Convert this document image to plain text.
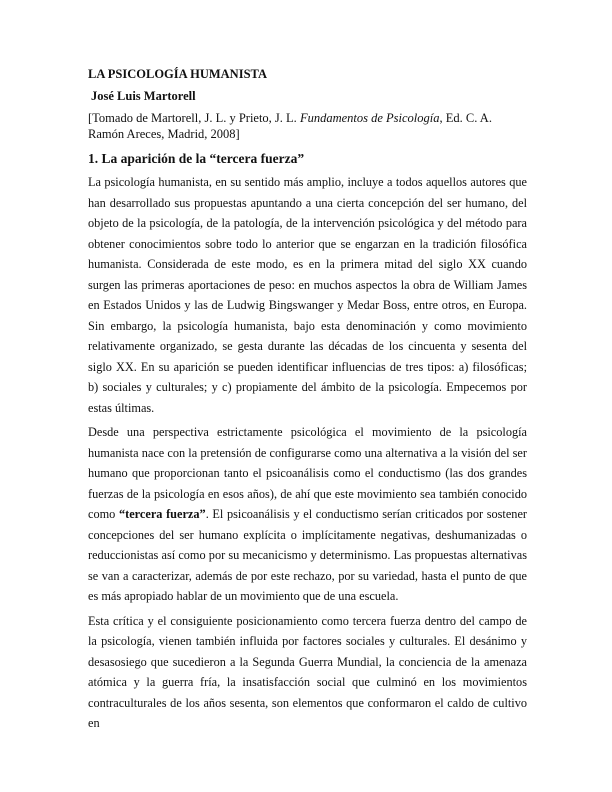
LA PSICOLOGÍA HUMANISTA
José Luis Martorell

[Tomado de Martorell, J. L. y Prieto, J. L. Fundamentos de Psicología, Ed. C. A. Ramón Areces, Madrid, 2008]

1. La aparición de la “tercera fuerza”

La psicología humanista, en su sentido más amplio, incluye a todos aquellos autores que han desarrollado sus propuestas apuntando a una cierta concepción del ser humano, del objeto de la psicología, de la patología, de la intervención psicológica y del método para obtener conocimientos sobre todo lo anterior que se engarzan en la tradición filosófica humanista. Considerada de este modo, es en la primera mitad del siglo XX cuando surgen las primeras aportaciones de peso: en muchos aspectos la obra de William James en Estados Unidos y las de Ludwig Bingswanger y Medar Boss, entre otros, en Europa. Sin embargo, la psicología humanista, bajo esta denominación y como movimiento relativamente organizado, se gesta durante las décadas de los cincuenta y sesenta del siglo XX. En su aparición se pueden identificar influencias de tres tipos: a) filosóficas; b) sociales y culturales; y c) propiamente del ámbito de la psicología. Empecemos por estas últimas.

Desde una perspectiva estrictamente psicológica el movimiento de la psicología humanista nace con la pretensión de configurarse como una alternativa a la visión del ser humano que proporcionan tanto el psicoanálisis como el conductismo (las dos grandes fuerzas de la psicología en esos años), de ahí que este movimiento sea también conocido como “tercera fuerza”. El psicoanálisis y el conductismo serían criticados por sostener concepciones del ser humano explícita o implícitamente negativas, deshumanizadas o reduccionistas así como por su mecanicismo y determinismo. Las propuestas alternativas se van a caracterizar, además de por este rechazo, por su variedad, hasta el punto de que es más apropiado hablar de un movimiento que de una escuela.

Esta crítica y el consiguiente posicionamiento como tercera fuerza dentro del campo de la psicología, vienen también influida por factores sociales y culturales. El desánimo y desasosiego que sucedieron a la Segunda Guerra Mundial, la conciencia de la amenaza atómica y la guerra fría, la insatisfacción social que culminó en los movimientos contraculturales de los años sesenta, son elementos que conformaron el caldo de cultivo en
